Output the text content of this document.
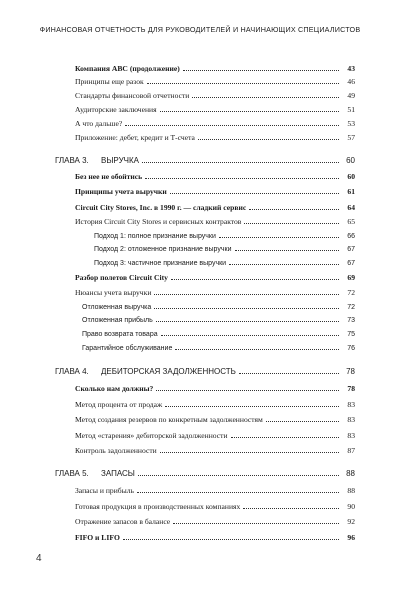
ФИНАНСОВАЯ ОТЧЕТНОСТЬ ДЛЯ РУКОВОДИТЕЛЕЙ И НАЧИНАЮЩИХ СПЕЦИАЛИСТОВ
Компания ABC (продолжение)	43
Принципы еще разок	46
Стандарты финансовой отчетности	49
Аудиторские заключения	51
А что дальше?	53
Приложение: дебет, кредит и Т-счета	57
ГЛАВА 3.	ВЫРУЧКА	60
Без нее не обойтись	60
Принципы учета выручки	61
Circuit City Stores, Inc. в 1990 г. — сладкий сервис	64
История Circuit City Stores и сервисных контрактов	65
Подход 1: полное признание выручки	66
Подход 2: отложенное признание выручки	67
Подход 3: частичное признание выручки	67
Разбор полетов Circuit City	69
Нюансы учета выручки	72
Отложенная выручка	72
Отложенная прибыль	73
Право возврата товара	75
Гарантийное обслуживание	76
ГЛАВА 4.	ДЕБИТОРСКАЯ ЗАДОЛЖЕННОСТЬ	78
Сколько нам должны?	78
Метод процента от продаж	83
Метод создания резервов по конкретным задолженностям	83
Метод «старения» дебиторской задолженности	83
Контроль задолженности	87
ГЛАВА 5.	ЗАПАСЫ	88
Запасы и прибыль	88
Готовая продукция в производственных компаниях	90
Отражение запасов в балансе	92
FIFO и LIFO	96
4
